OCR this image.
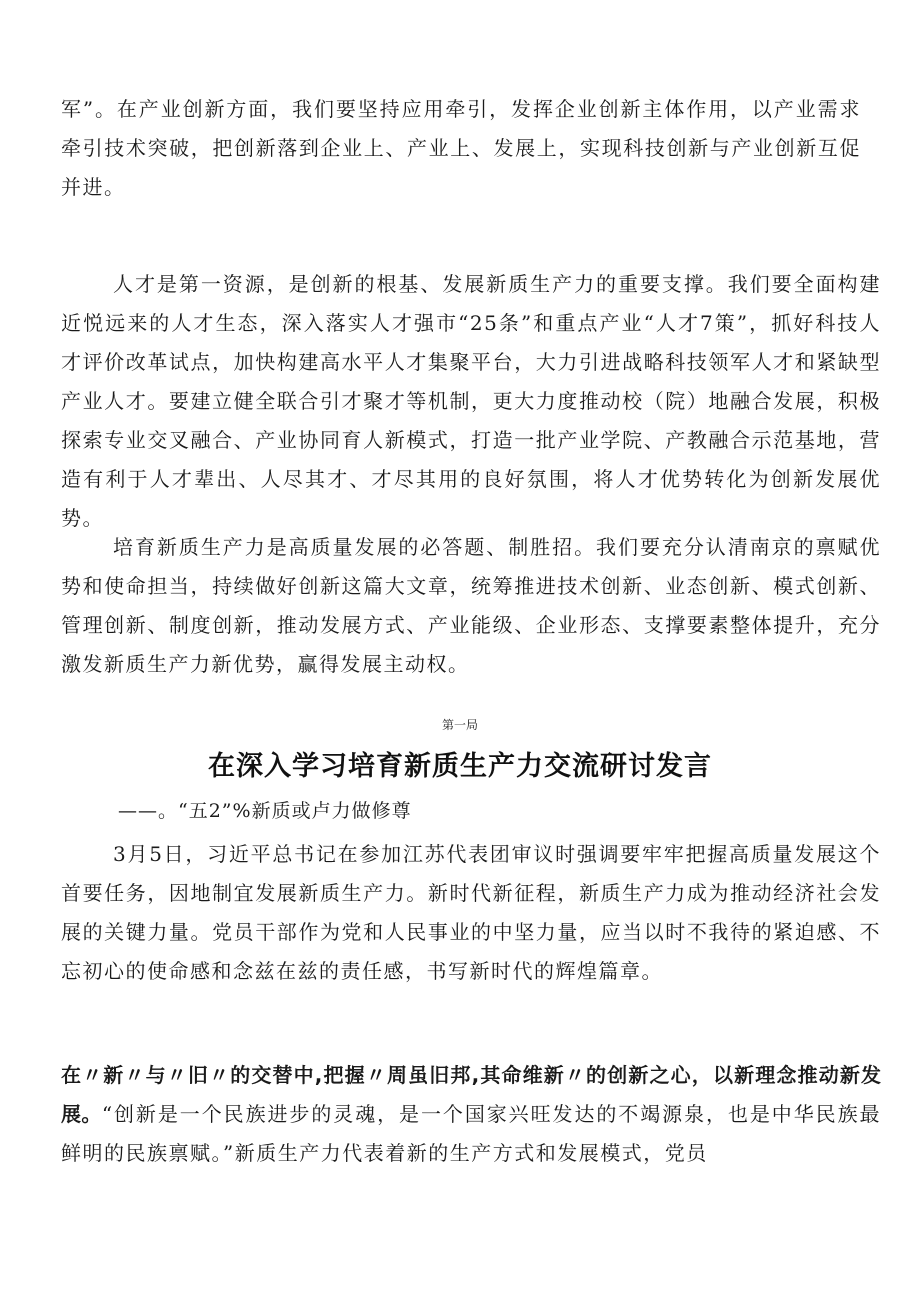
军”。在产业创新方面，我们要坚持应用牵引，发挥企业创新主体作用，以产业需求牵引技术突破，把创新落到企业上、产业上、发展上，实现科技创新与产业创新互促并进。

人才是第一资源，是创新的根基、发展新质生产力的重要支撑。我们要全面构建近悦远来的人才生态，深入落实人才强市“25条”和重点产业“人才7策”，抓好科技人才评价改革试点，加快构建高水平人才集聚平台，大力引进战略科技领军人才和紧缺型产业人才。要建立健全联合引才聚才等机制，更大力度推动校（院）地融合发展，积极探索专业交叉融合、产业协同育人新模式，打造一批产业学院、产教融合示范基地，营造有利于人才辈出、人尽其才、才尽其用的良好氛围，将人才优势转化为创新发展优势。

培育新质生产力是高质量发展的必答题、制胜招。我们要充分认清南京的禀赋优势和使命担当，持续做好创新这篇大文章，统筹推进技术创新、业态创新、模式创新、管理创新、制度创新，推动发展方式、产业能级、企业形态、支撑要素整体提升，充分激发新质生产力新优势，赢得发展主动权。

第一局
在深入学习培育新质生产力交流研讨发言
——。“五2”%新质或卢力做修尊

3月5日，习近平总书记在参加江苏代表团审议时强调要牢牢把握高质量发展这个首要任务，因地制宜发展新质生产力。新时代新征程，新质生产力成为推动经济社会发展的关键力量。党员干部作为党和人民事业的中坚力量，应当以时不我待的紧迫感、不忘初心的使命感和念兹在兹的责任感，书写新时代的辉煌篇章。

在〃新〃与〃旧〃的交替中,把握〃周虽旧邦,其命维新〃的创新之心，以新理念推动新发展。“创新是一个民族进步的灵魂，是一个国家兴旺发达的不竭源泉，也是中华民族最鲜明的民族禀赋。”新质生产力代表着新的生产方式和发展模式，党员
